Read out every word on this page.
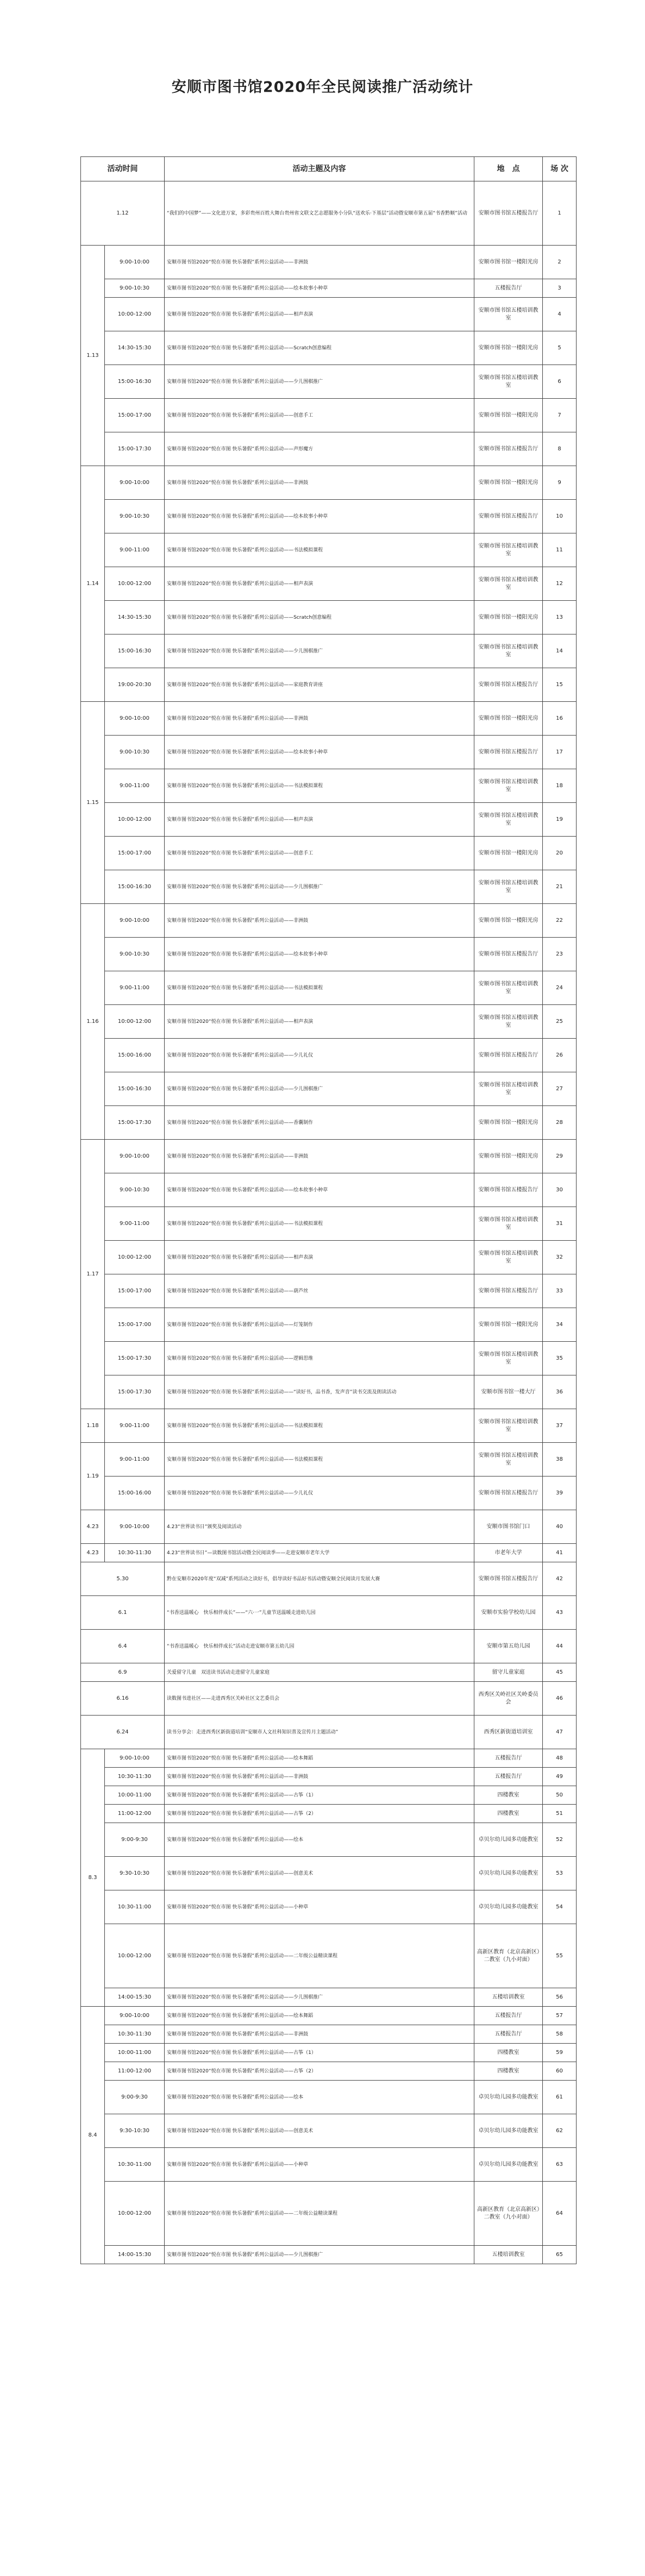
安顺市图书馆2020年全民阅读推广活动统计
活动时间		活动主题及内容	地　点	场 次
1.12		“我们的中国梦”——文化进万家，多彩贵州百姓大舞台贵州省文联文艺志愿服务小分队“送欢乐·下基层”活动暨安顺市第五届“书香黔顺”活动	安顺市图书馆五楼报告厅	1
1.13	9:00-10:00	安顺市图书馆2020“悦在市图 快乐暑假”系列公益活动——非洲鼓	安顺市图书馆一楼阳光房	2
	9:00-10:30	安顺市图书馆2020“悦在市图 快乐暑假”系列公益活动——绘本故事小种草	五楼报告厅	3
	10:00-12:00	安顺市图书馆2020“悦在市图 快乐暑假”系列公益活动——相声表演	安顺市图书馆五楼培训教室	4
	14:30-15:30	安顺市图书馆2020“悦在市图 快乐暑假”系列公益活动——Scratch创意编程	安顺市图书馆一楼阳光房	5
	15:00-16:30	安顺市图书馆2020“悦在市图 快乐暑假”系列公益活动——少儿围棋推广	安顺市图书馆五楼培训教室	6
	15:00-17:00	安顺市图书馆2020“悦在市图 快乐暑假”系列公益活动——创意手工	安顺市图书馆一楼阳光房	7
	15:00-17:30	安顺市图书馆2020“悦在市图 快乐暑假”系列公益活动——声形魔方	安顺市图书馆五楼报告厅	8
1.14	9:00-10:00	安顺市图书馆2020“悦在市图 快乐暑假”系列公益活动——非洲鼓	安顺市图书馆一楼阳光房	9
	9:00-10:30	安顺市图书馆2020“悦在市图 快乐暑假”系列公益活动——绘本故事小种草	安顺市图书馆五楼报告厅	10
	9:00-11:00	安顺市图书馆2020“悦在市图 快乐暑假”系列公益活动——书法模拟课程	安顺市图书馆五楼培训教室	11
	10:00-12:00	安顺市图书馆2020“悦在市图 快乐暑假”系列公益活动——相声表演	安顺市图书馆五楼培训教室	12
	14:30-15:30	安顺市图书馆2020“悦在市图 快乐暑假”系列公益活动——Scratch创意编程	安顺市图书馆一楼阳光房	13
	15:00-16:30	安顺市图书馆2020“悦在市图 快乐暑假”系列公益活动——少儿围棋推广	安顺市图书馆五楼培训教室	14
	19:00-20:30	安顺市图书馆2020“悦在市图 快乐暑假”系列公益活动——家庭教育讲座	安顺市图书馆五楼报告厅	15
1.15	9:00-10:00	安顺市图书馆2020“悦在市图 快乐暑假”系列公益活动——非洲鼓	安顺市图书馆一楼阳光房	16
	9:00-10:30	安顺市图书馆2020“悦在市图 快乐暑假”系列公益活动——绘本故事小种草	安顺市图书馆五楼报告厅	17
	9:00-11:00	安顺市图书馆2020“悦在市图 快乐暑假”系列公益活动——书法模拟课程	安顺市图书馆五楼培训教室	18
	10:00-12:00	安顺市图书馆2020“悦在市图 快乐暑假”系列公益活动——相声表演	安顺市图书馆五楼培训教室	19
	15:00-17:00	安顺市图书馆2020“悦在市图 快乐暑假”系列公益活动——创意手工	安顺市图书馆一楼阳光房	20
	15:00-16:30	安顺市图书馆2020“悦在市图 快乐暑假”系列公益活动——少儿围棋推广	安顺市图书馆五楼培训教室	21
1.16	9:00-10:00	安顺市图书馆2020“悦在市图 快乐暑假”系列公益活动——非洲鼓	安顺市图书馆一楼阳光房	22
	9:00-10:30	安顺市图书馆2020“悦在市图 快乐暑假”系列公益活动——绘本故事小种草	安顺市图书馆五楼报告厅	23
	9:00-11:00	安顺市图书馆2020“悦在市图 快乐暑假”系列公益活动——书法模拟课程	安顺市图书馆五楼培训教室	24
	10:00-12:00	安顺市图书馆2020“悦在市图 快乐暑假”系列公益活动——相声表演	安顺市图书馆五楼培训教室	25
	15:00-16:00	安顺市图书馆2020“悦在市图 快乐暑假”系列公益活动——少儿礼仪	安顺市图书馆五楼报告厅	26
	15:00-16:30	安顺市图书馆2020“悦在市图 快乐暑假”系列公益活动——少儿围棋推广	安顺市图书馆五楼培训教室	27
	15:00-17:30	安顺市图书馆2020“悦在市图 快乐暑假”系列公益活动——香囊制作	安顺市图书馆一楼阳光房	28
1.17	9:00-10:00	安顺市图书馆2020“悦在市图 快乐暑假”系列公益活动——非洲鼓	安顺市图书馆一楼阳光房	29
	9:00-10:30	安顺市图书馆2020“悦在市图 快乐暑假”系列公益活动——绘本故事小种草	安顺市图书馆五楼报告厅	30
	9:00-11:00	安顺市图书馆2020“悦在市图 快乐暑假”系列公益活动——书法模拟课程	安顺市图书馆五楼培训教室	31
	10:00-12:00	安顺市图书馆2020“悦在市图 快乐暑假”系列公益活动——相声表演	安顺市图书馆五楼培训教室	32
	15:00-17:00	安顺市图书馆2020“悦在市图 快乐暑假”系列公益活动——葫芦丝	安顺市图书馆五楼报告厅	33
	15:00-17:00	安顺市图书馆2020“悦在市图 快乐暑假”系列公益活动——灯笼制作	安顺市图书馆一楼阳光房	34
	15:00-17:30	安顺市图书馆2020“悦在市图 快乐暑假”系列公益活动——逻辑思维	安顺市图书馆五楼培训教室	35
	15:00-17:30	安顺市图书馆2020“悦在市图 快乐暑假”系列公益活动——“读好书，品书香，发声音”读书交流及朗读活动	安顺市图书馆一楼大厅	36
1.18	9:00-11:00	安顺市图书馆2020“悦在市图 快乐暑假”系列公益活动——书法模拟课程	安顺市图书馆五楼培训教室	37
1.19	9:00-11:00	安顺市图书馆2020“悦在市图 快乐暑假”系列公益活动——书法模拟课程	安顺市图书馆五楼培训教室	38
	15:00-16:00	安顺市图书馆2020“悦在市图 快乐暑假”系列公益活动——少儿礼仪	安顺市图书馆五楼报告厅	39
4.23	9:00-10:00	4.23“世界读书日”颁奖及阅读活动	安顺市图书馆门口	40
4.23	10:30-11:30	4.23“世界读书日”—读数图书馆活动暨全民阅读季——走进安顺市老年大学	市老年大学	41
5.30		黔在安顺市2020年度“双减”系列活动之读好书，倡导读好书品好书活动暨安顺全民阅读月发展大赛	安顺市图书馆五楼报告厅	42
6.1		“书香送温暖心　快乐相伴成长”——“六·一”儿童节送温暖走进幼儿园	安顺市实验学校幼儿园	43
6.4		“书香送温暖心　快乐相伴成长”活动走进安顺市第五幼儿园	安顺市第五幼儿园	44
6.9		关爱留守儿童　双送读书活动走进留守儿童家庭	留守儿童家庭	45
6.16		读数图书进社区——走进西秀区关岭社区文艺委员会	西秀区关岭社区关岭委员会	46
6.24		读书分享会：走进西秀区新街道培训“安顺市人文社科知识普及宣传月主题活动”	西秀区新街道培训室	47
8.3	9:00-10:00	安顺市图书馆2020“悦在市图 快乐暑假”系列公益活动——绘本舞蹈	五楼报告厅	48
	10:30-11:30	安顺市图书馆2020“悦在市图 快乐暑假”系列公益活动——非洲鼓	五楼报告厅	49
	10:00-11:00	安顺市图书馆2020“悦在市图 快乐暑假”系列公益活动——古筝（1）	四楼教室	50
	11:00-12:00	安顺市图书馆2020“悦在市图 快乐暑假”系列公益活动——古筝（2）	四楼教室	51
	9:00-9:30	安顺市图书馆2020“悦在市图 快乐暑假”系列公益活动——绘本	卓贝尔幼儿园多功能教室	52
	9:30-10:30	安顺市图书馆2020“悦在市图 快乐暑假”系列公益活动——创意美术	卓贝尔幼儿园多功能教室	53
	10:30-11:00	安顺市图书馆2020“悦在市图 快乐暑假”系列公益活动——小种草	卓贝尔幼儿园多功能教室	54
	10:00-12:00	安顺市图书馆2020“悦在市图 快乐暑假”系列公益活动——二年级公益精读课程	高新区教育（北京高新区）二教室（九小对面）	55
	14:00-15:30	安顺市图书馆2020“悦在市图 快乐暑假”系列公益活动——少儿围棋推广	五楼培训教室	56
8.4	9:00-10:00	安顺市图书馆2020“悦在市图 快乐暑假”系列公益活动——绘本舞蹈	五楼报告厅	57
	10:30-11:30	安顺市图书馆2020“悦在市图 快乐暑假”系列公益活动——非洲鼓	五楼报告厅	58
	10:00-11:00	安顺市图书馆2020“悦在市图 快乐暑假”系列公益活动——古筝（1）	四楼教室	59
	11:00-12:00	安顺市图书馆2020“悦在市图 快乐暑假”系列公益活动——古筝（2）	四楼教室	60
	9:00-9:30	安顺市图书馆2020“悦在市图 快乐暑假”系列公益活动——绘本	卓贝尔幼儿园多功能教室	61
	9:30-10:30	安顺市图书馆2020“悦在市图 快乐暑假”系列公益活动——创意美术	卓贝尔幼儿园多功能教室	62
	10:30-11:00	安顺市图书馆2020“悦在市图 快乐暑假”系列公益活动——小种草	卓贝尔幼儿园多功能教室	63
	10:00-12:00	安顺市图书馆2020“悦在市图 快乐暑假”系列公益活动——二年级公益精读课程	高新区教育（北京高新区）二教室（九小对面）	64
	14:00-15:30	安顺市图书馆2020“悦在市图 快乐暑假”系列公益活动——少儿围棋推广	五楼培训教室	65
